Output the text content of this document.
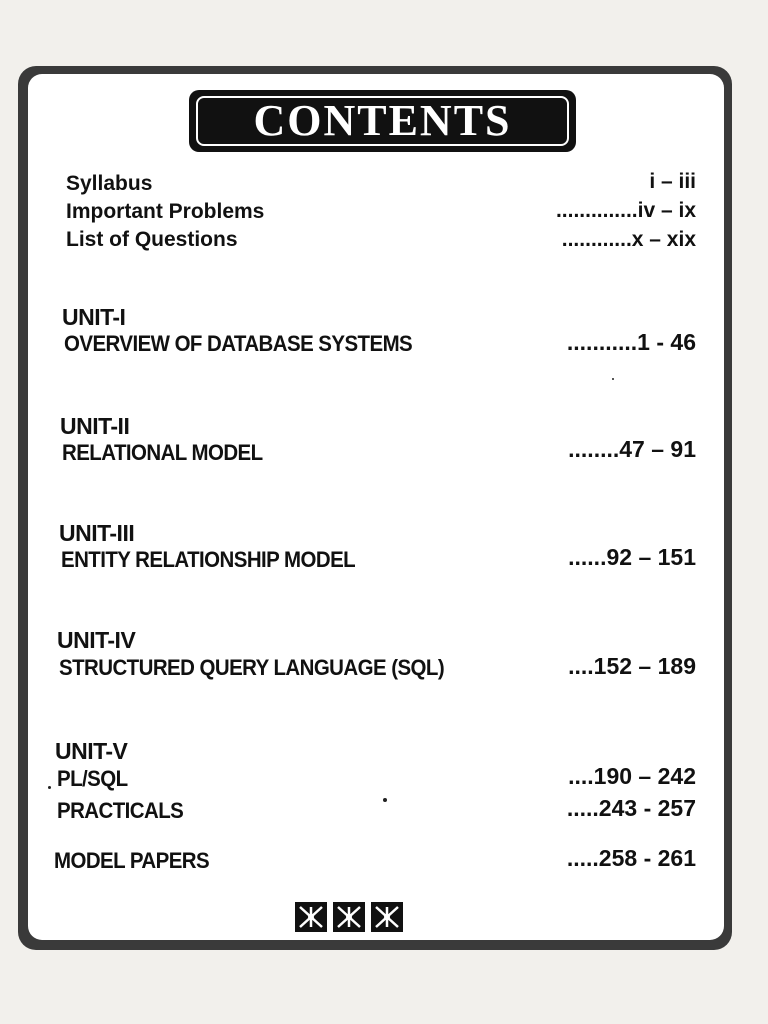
CONTENTS
Syllabus	i – iii
Important Problems	..............iv – ix
List of Questions	............x – xix
UNIT-I
OVERVIEW OF DATABASE SYSTEMS	...........1 - 46
UNIT-II
RELATIONAL MODEL	........47 – 91
UNIT-III
ENTITY RELATIONSHIP MODEL	......92 – 151
UNIT-IV
STRUCTURED QUERY LANGUAGE (SQL)	....152 – 189
UNIT-V
PL/SQL	....190 – 242
PRACTICALS	.....243 - 257
MODEL PAPERS	.....258 - 261
